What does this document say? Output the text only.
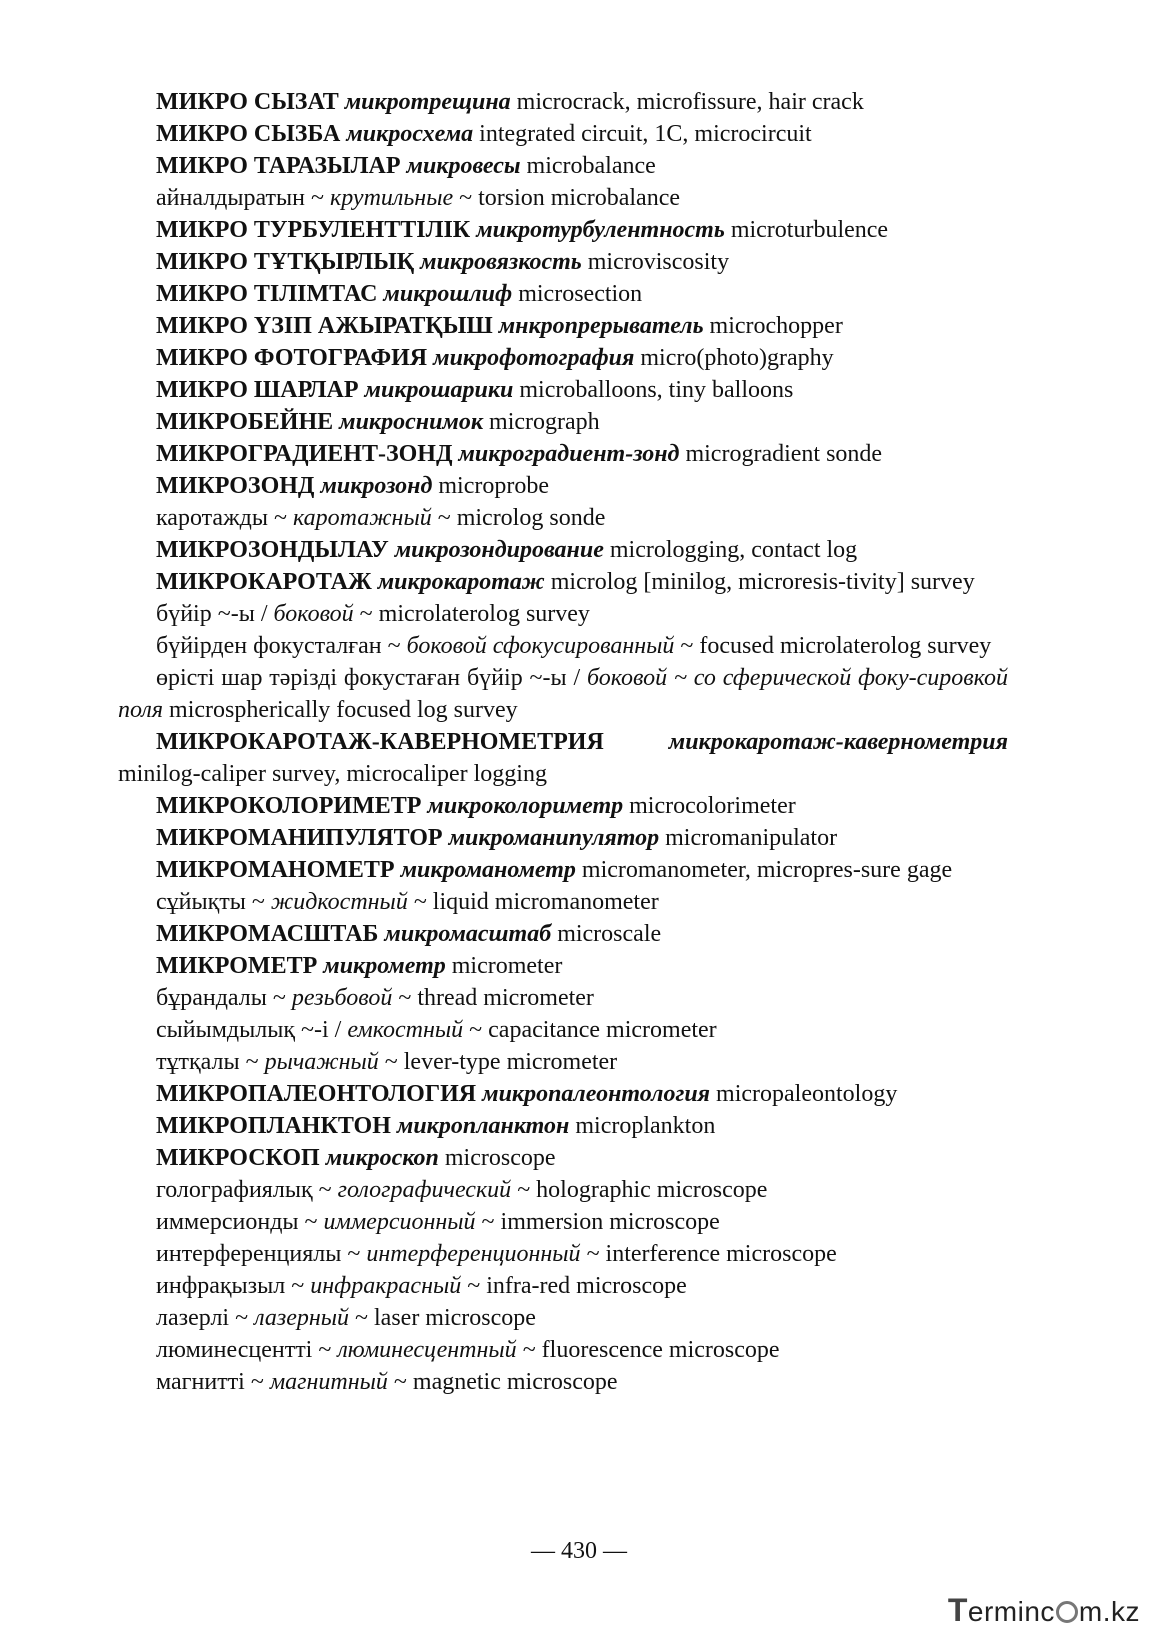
МИКРО СЫЗАТ микротрещина microcrack, microfissure, hair crack

МИКРО СЫЗБА микросхема integrated circuit, 1C, microcircuit

МИКРО ТАРАЗЫЛАР микровесы microbalance

айналдыратын ~ крутильные ~ torsion microbalance

МИКРО ТУРБУЛЕНТТІЛІК микротурбулентность microturbulence

МИКРО ТҰТҚЫРЛЫҚ микровязкость microviscosity

МИКРО ТІЛІМТАС микрошлиф microsection

МИКРО ҮЗІП АЖЫРАТҚЫШ мнкропрерыватель microchopper

МИКРО ФОТОГРАФИЯ микрофотография micro(photo)graphy

МИКРО ШАРЛАР микрошарики microballoons, tiny balloons

МИКРОБЕЙНЕ микроснимок micrograph

МИКРОГРАДИЕНТ-ЗОНД микроградиент-зонд microgradient sonde

МИКРОЗОНД микрозонд microprobe

каротажды ~ каротажный ~ microlog sonde

МИКРОЗОНДЫЛАУ микрозондирование micrologging, contact log

МИКРОКАРОТАЖ микрокаротаж microlog [minilog, microresis-tivity] survey

бүйір ~-ы / боковой ~ microlaterolog survey

бүйірден фокусталған ~ боковой сфокусированный ~ focused microlaterolog survey

өрісті шар тәрізді фокустаған бүйір ~-ы / боковой ~ со сферической фоку-сировкой поля microspherically focused log survey

МИКРОКАРОТАЖ-КАВЕРНОМЕТРИЯ	микрокаротаж-кавернометрия minilog-caliper survey, microcaliper logging

МИКРОКОЛОРИМЕТР микроколориметр microcolorimeter

МИКРОМАНИПУЛЯТОР микроманипулятор micromanipulator

МИКРОМАНОМЕТР микроманометр micromanometer, micropres-sure gage

сұйықты ~ жидкостный ~ liquid micromanometer

МИКРОМАСШТАБ микромасштаб microscale

МИКРОМЕТР микрометр micrometer

бұрандалы ~ резьбовой ~ thread micrometer

сыйымдылық ~-і / емкостный ~ capacitance micrometer

тұтқалы ~ рычажный ~ lever-type micrometer

МИКРОПАЛЕОНТОЛОГИЯ микропалеонтология micropaleontology

МИКРОПЛАНКТОН микропланктон microplankton

МИКРОСКОП микроскоп microscope

голографиялық ~ голографический ~ holographic microscope

иммерсионды ~ иммерсионный ~ immersion microscope

интерференциялы ~ интерференционный ~ interference microscope

инфрақызыл ~ инфракрасный ~ infra-red microscope

лазерлі ~ лазерный ~ laser microscope

люминесцентті ~ люминесцентный ~ fluorescence microscope

магнитті ~ магнитный ~ magnetic microscope

— 430 —
Terminc m.kz
